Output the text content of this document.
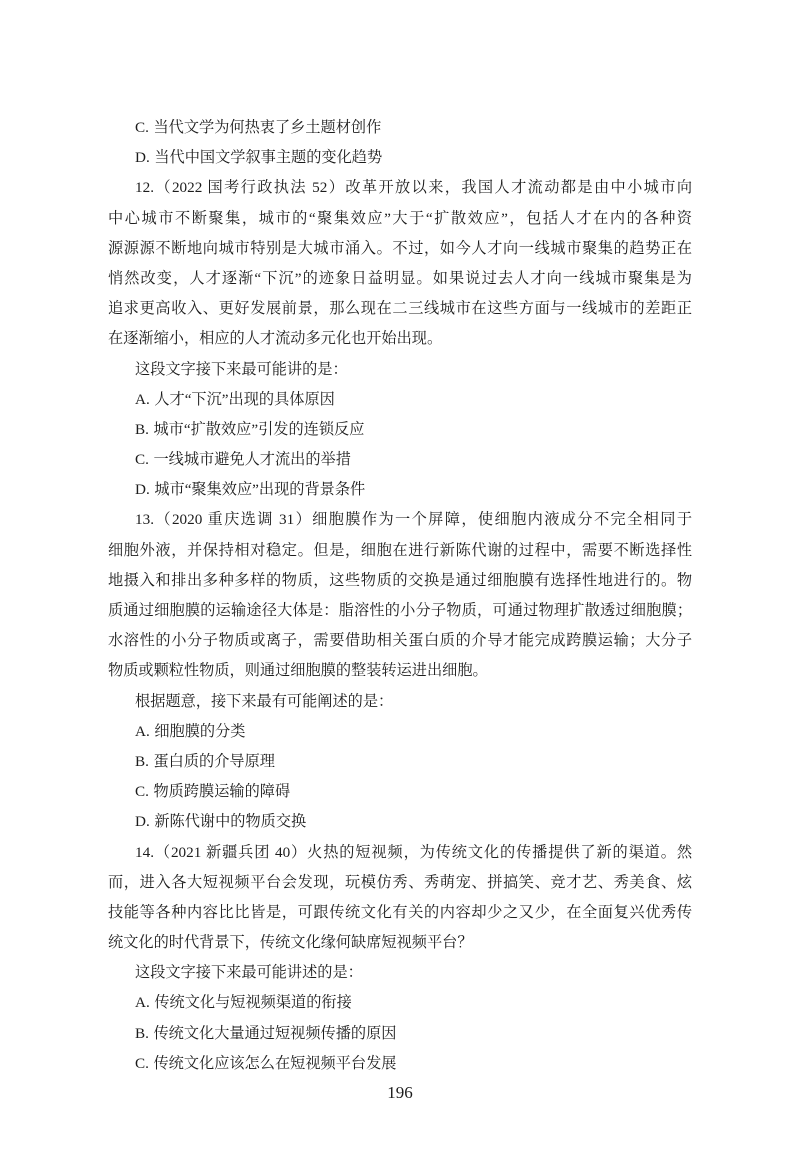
C. 当代文学为何热衷了乡土题材创作
D. 当代中国文学叙事主题的变化趋势
12.（2022 国考行政执法 52）改革开放以来，我国人才流动都是由中小城市向
中心城市不断聚集，城市的“聚集效应”大于“扩散效应”，包括人才在内的各种资
源源源不断地向城市特别是大城市涌入。不过，如今人才向一线城市聚集的趋势正在
悄然改变，人才逐渐“下沉”的迹象日益明显。如果说过去人才向一线城市聚集是为
追求更高收入、更好发展前景，那么现在二三线城市在这些方面与一线城市的差距正
在逐渐缩小，相应的人才流动多元化也开始出现。
这段文字接下来最可能讲的是：
A. 人才“下沉”出现的具体原因
B. 城市“扩散效应”引发的连锁反应
C. 一线城市避免人才流出的举措
D. 城市“聚集效应”出现的背景条件
13.（2020 重庆选调 31）细胞膜作为一个屏障，使细胞内液成分不完全相同于
细胞外液，并保持相对稳定。但是，细胞在进行新陈代谢的过程中，需要不断选择性
地摄入和排出多种多样的物质，这些物质的交换是通过细胞膜有选择性地进行的。物
质通过细胞膜的运输途径大体是：脂溶性的小分子物质，可通过物理扩散透过细胞膜；
水溶性的小分子物质或离子，需要借助相关蛋白质的介导才能完成跨膜运输；大分子
物质或颗粒性物质，则通过细胞膜的整装转运进出细胞。
根据题意，接下来最有可能阐述的是：
A. 细胞膜的分类
B. 蛋白质的介导原理
C. 物质跨膜运输的障碍
D. 新陈代谢中的物质交换
14.（2021 新疆兵团 40）火热的短视频，为传统文化的传播提供了新的渠道。然
而，进入各大短视频平台会发现，玩模仿秀、秀萌宠、拼搞笑、竞才艺、秀美食、炫
技能等各种内容比比皆是，可跟传统文化有关的内容却少之又少，在全面复兴优秀传
统文化的时代背景下，传统文化缘何缺席短视频平台？
这段文字接下来最可能讲述的是：
A. 传统文化与短视频渠道的衔接
B. 传统文化大量通过短视频传播的原因
C. 传统文化应该怎么在短视频平台发展
196
